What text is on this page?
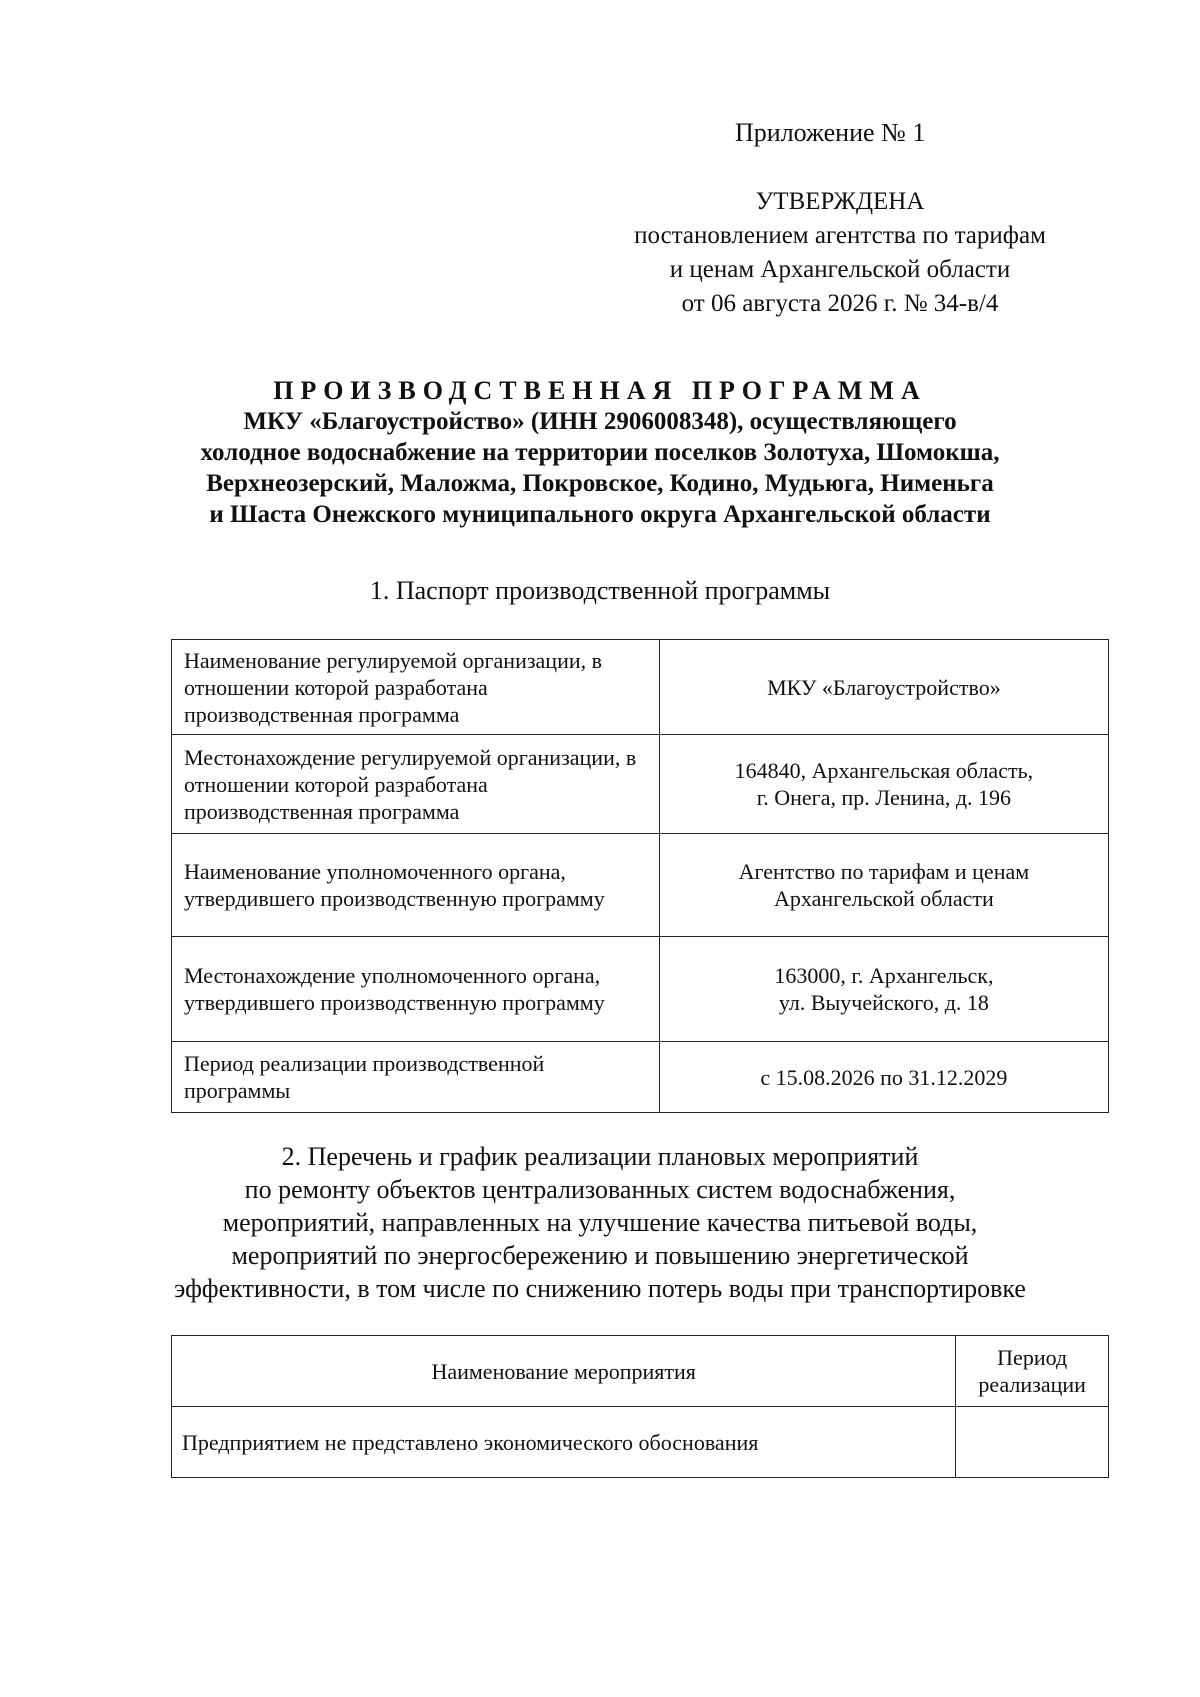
Приложение № 1
УТВЕРЖДЕНА
постановлением агентства по тарифам
и ценам Архангельской области
от 06 августа 2026 г. № 34-в/4
ПРОИЗВОДСТВЕННАЯ ПРОГРАММА
МКУ «Благоустройство» (ИНН 2906008348), осуществляющего
холодное водоснабжение на территории поселков Золотуха, Шомокша,
Верхнеозерский, Маложма, Покровское, Кодино, Мудьюга, Нименьга
и Шаста Онежского муниципального округа Архангельской области
1. Паспорт производственной программы
Наименование регулируемой организации, в отношении которой разработана производственная программа	МКУ «Благоустройство»

Местонахождение регулируемой организации, в отношении которой разработана производственная программа	164840, Архангельская область,
г. Онега, пр. Ленина, д. 196

Наименование уполномоченного органа, утвердившего производственную программу	Агентство по тарифам и ценам
Архангельской области

Местонахождение уполномоченного органа, утвердившего производственную программу	163000, г. Архангельск,
ул. Выучейского, д. 18

Период реализации производственной программы	с 15.08.2026 по 31.12.2029
2. Перечень и график реализации плановых мероприятий
по ремонту объектов централизованных систем водоснабжения,
мероприятий, направленных на улучшение качества питьевой воды,
мероприятий по энергосбережению и повышению энергетической
эффективности, в том числе по снижению потерь воды при транспортировке
Наименование мероприятия	Период реализации
Предприятием не представлено экономического обоснования	
